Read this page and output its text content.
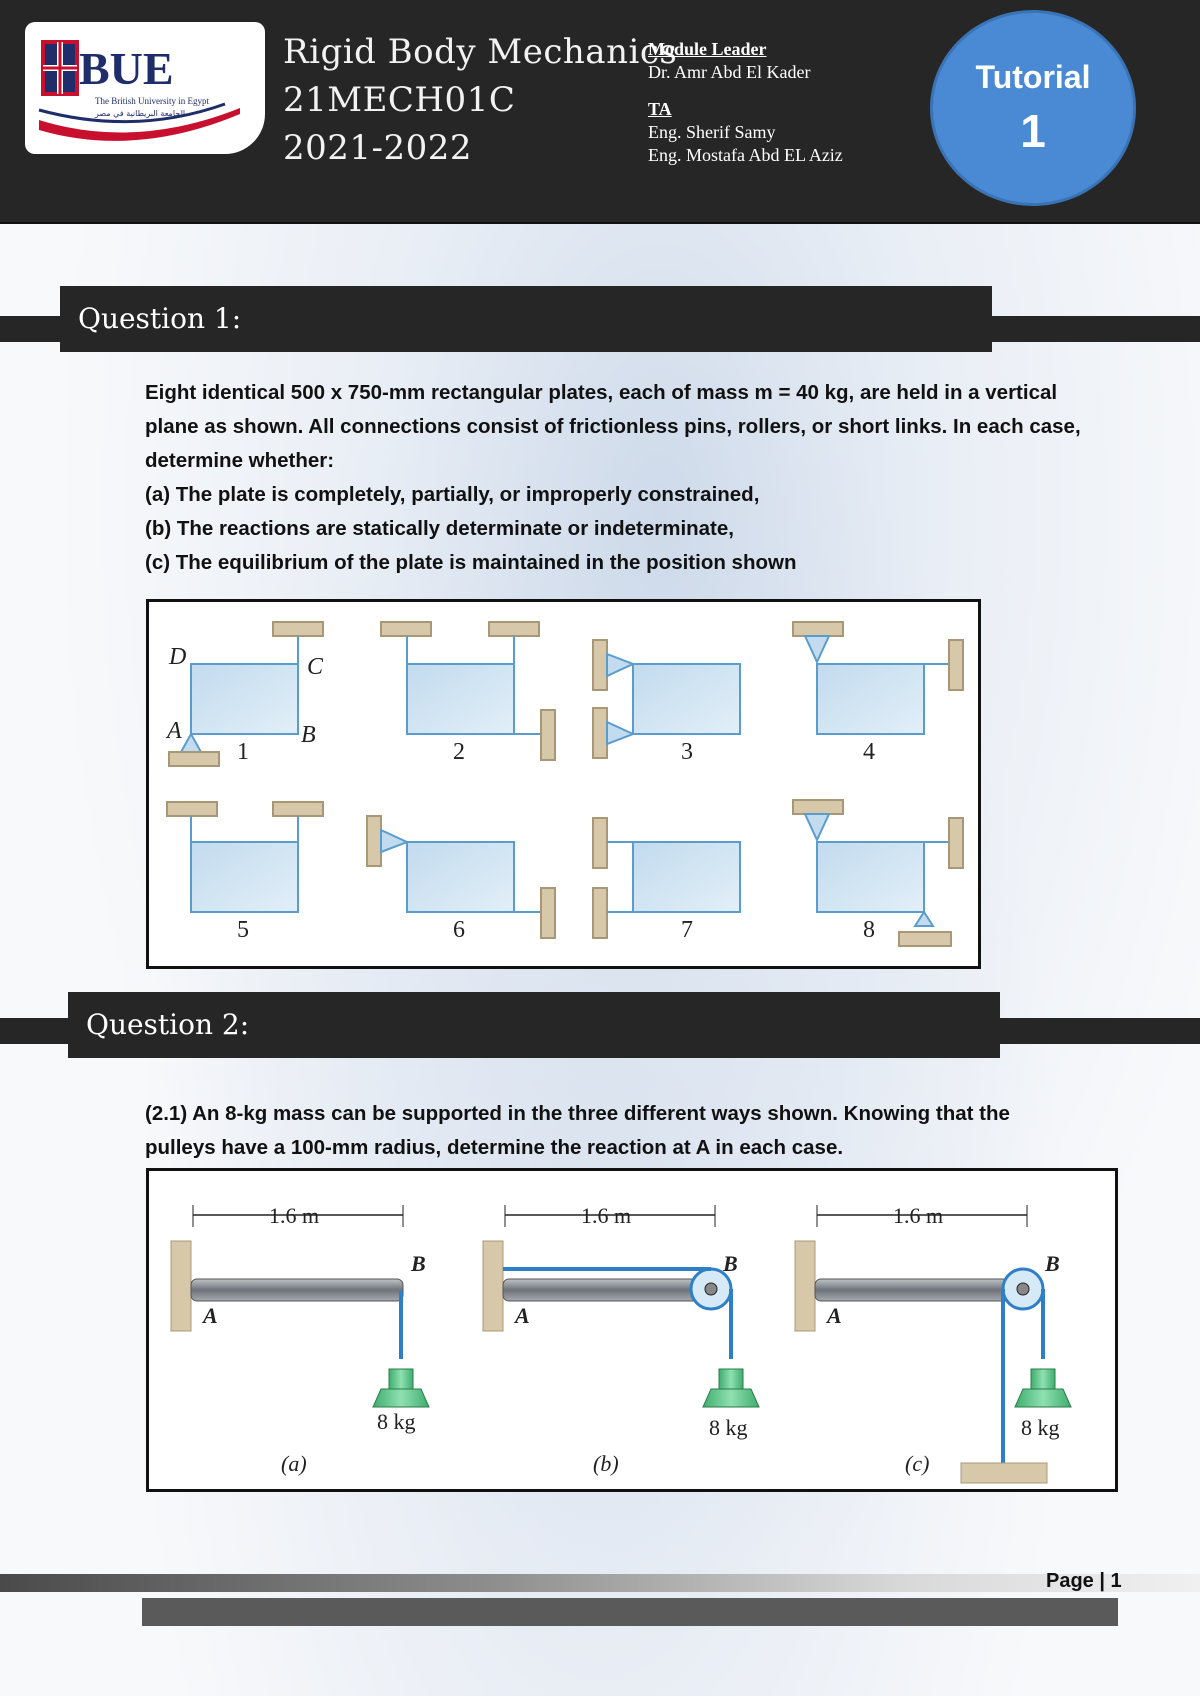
BUE
The British University in Egypt
الجامعة البريطانية في مصر
Rigid Body Mechanics
21MECH01C
2021-2022
Module Leader
Dr. Amr Abd El Kader
TA
Eng. Sherif Samy
Eng. Mostafa Abd EL Aziz
Tutorial
1
Question 1:
Eight identical 500 x 750-mm rectangular plates, each of mass m = 40 kg, are held in a vertical
plane as shown. All connections consist of frictionless pins, rollers, or short links. In each case,
determine whether:
(a) The plate is completely, partially, or improperly constrained,
(b) The reactions are statically determinate or indeterminate,
(c) The equilibrium of the plate is maintained in the position shown
D	C
A	B
1	2	3	4
5	6	7	8
Question 2:
(2.1) An 8-kg mass can be supported in the three different ways shown. Knowing that the
pulleys have a 100-mm radius, determine the reaction at A in each case.
1.6 m	1.6 m	1.6 m
B	B	B
A	A	A
8 kg	8 kg	8 kg
(a)	(b)	(c)
Page | 1
